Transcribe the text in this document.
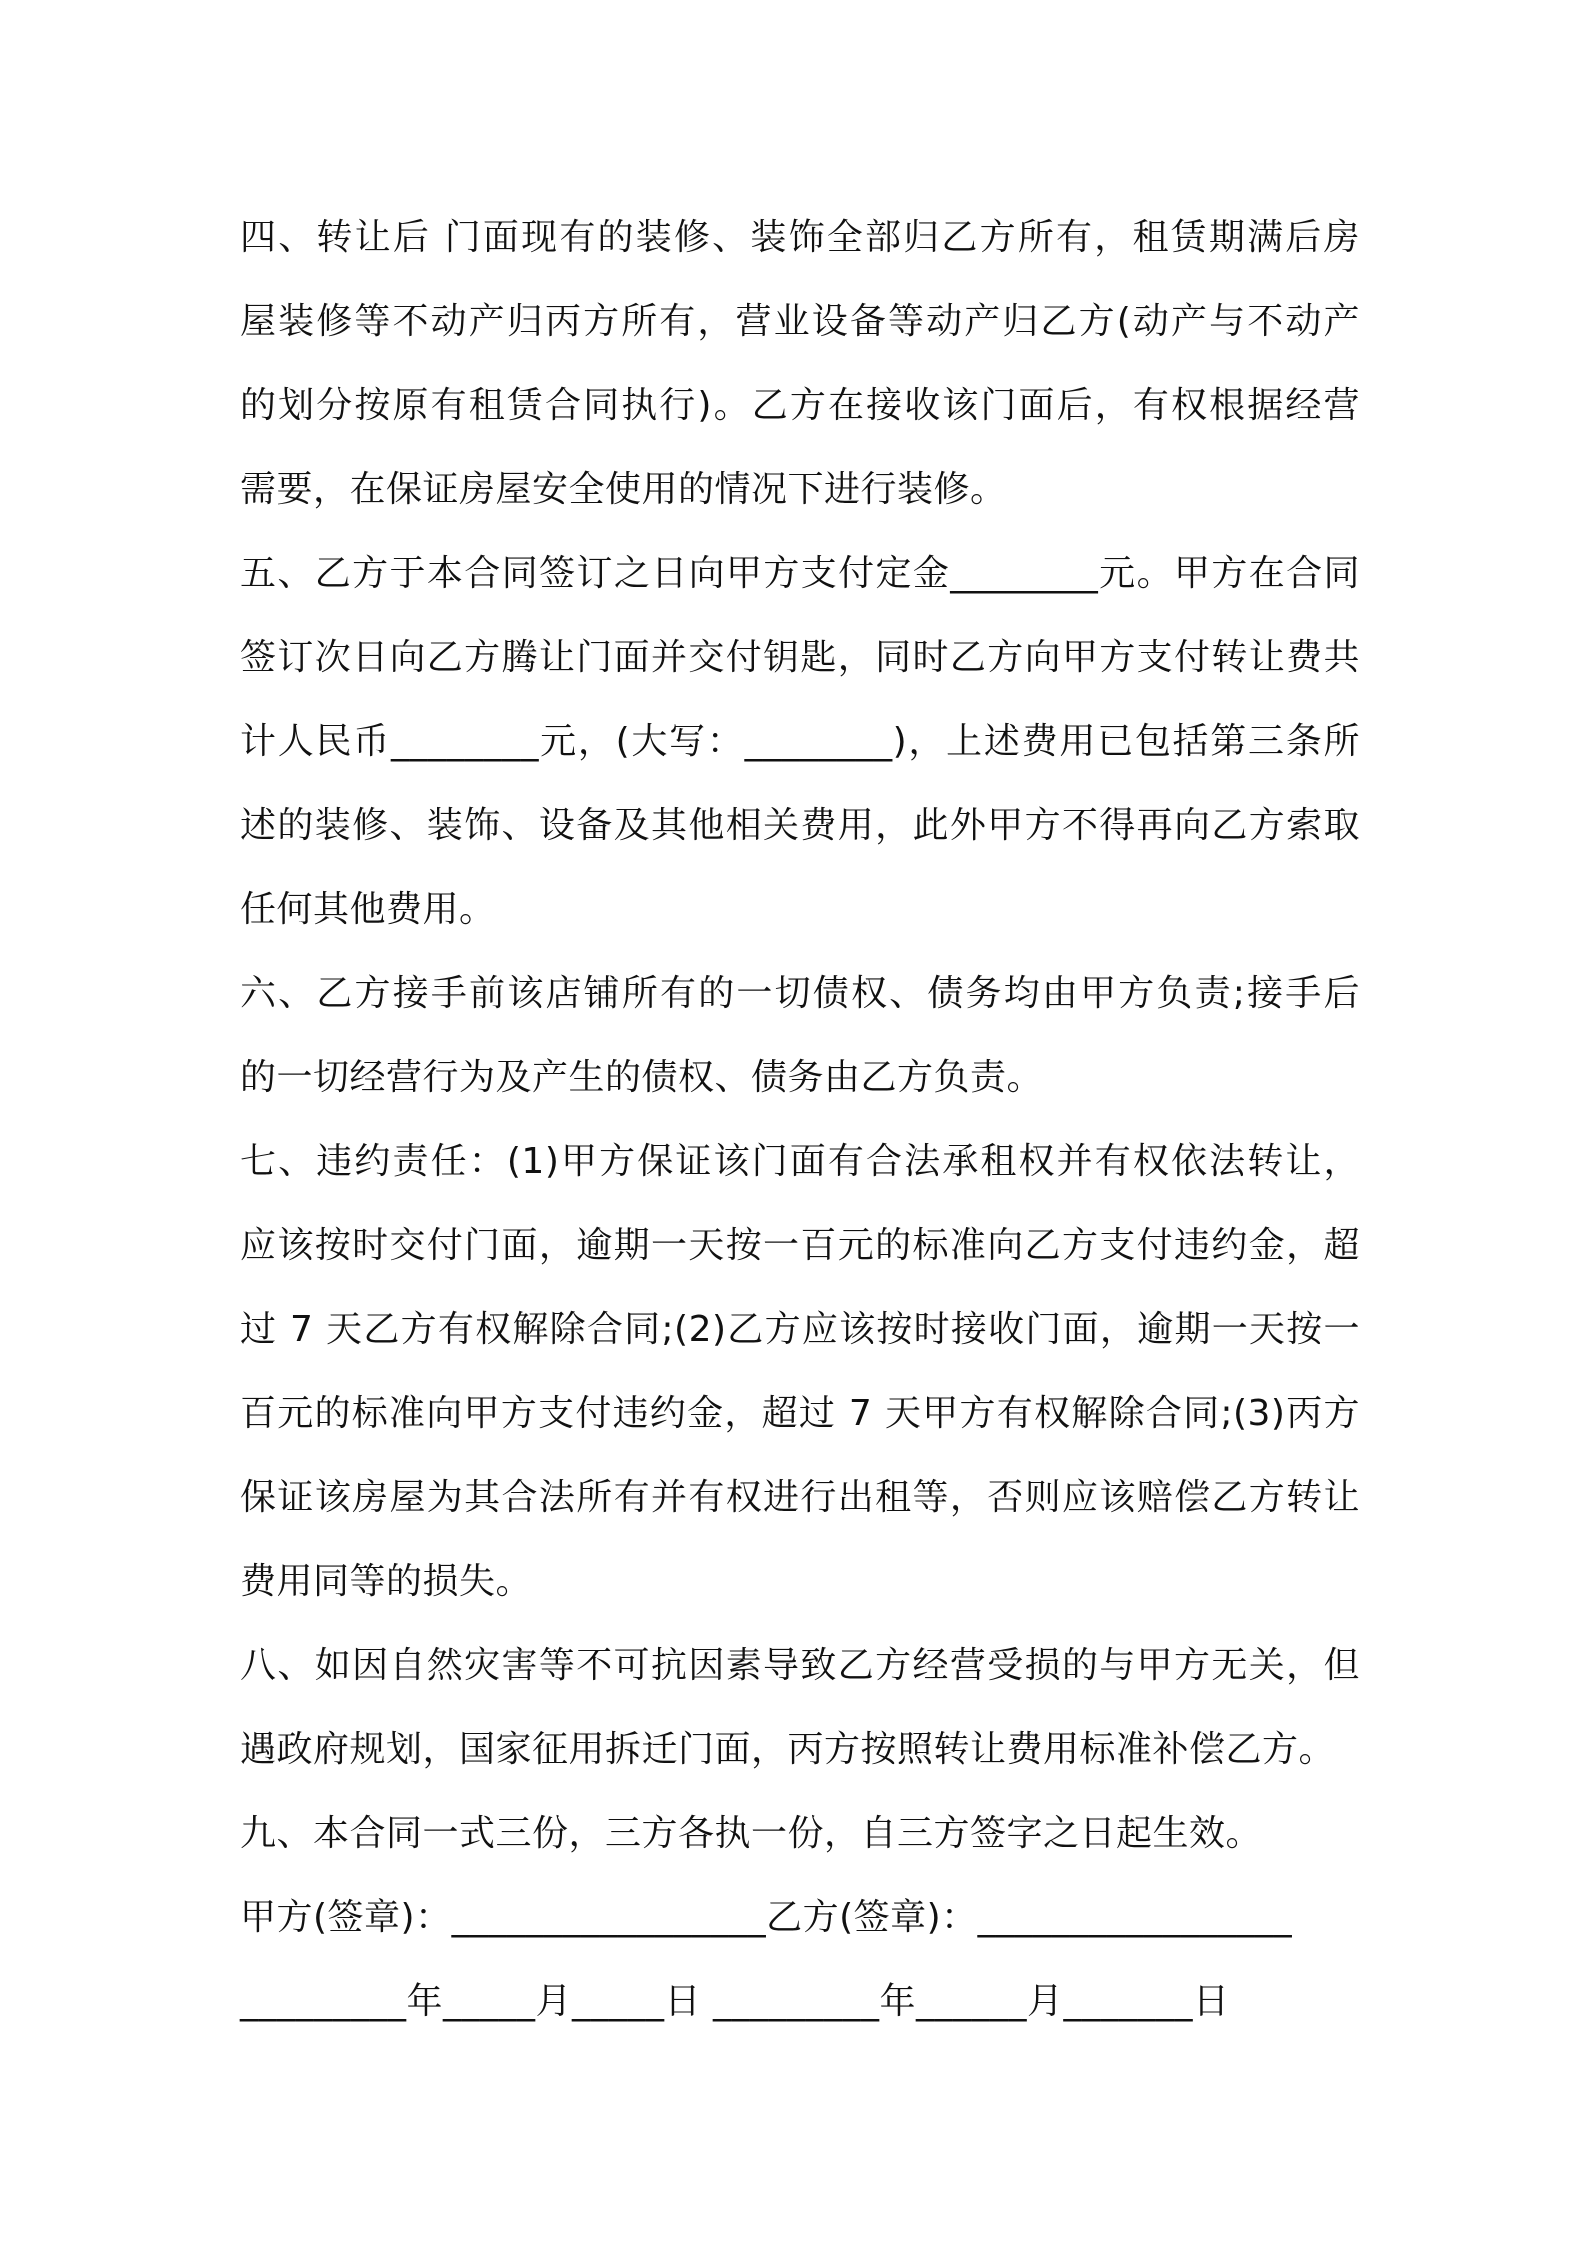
四、转让后 门面现有的装修、装饰全部归乙方所有，租赁期满后房
屋装修等不动产归丙方所有，营业设备等动产归乙方(动产与不动产
的划分按原有租赁合同执行)。乙方在接收该门面后，有权根据经营
需要，在保证房屋安全使用的情况下进行装修。
五、乙方于本合同签订之日向甲方支付定金________元。甲方在合同
签订次日向乙方腾让门面并交付钥匙，同时乙方向甲方支付转让费共
计人民币________元，(大写：________)，上述费用已包括第三条所
述的装修、装饰、设备及其他相关费用，此外甲方不得再向乙方索取
任何其他费用。
六、乙方接手前该店铺所有的一切债权、债务均由甲方负责;接手后
的一切经营行为及产生的债权、债务由乙方负责。
七、违约责任：(1)甲方保证该门面有合法承租权并有权依法转让，
应该按时交付门面，逾期一天按一百元的标准向乙方支付违约金，超
过 7 天乙方有权解除合同;(2)乙方应该按时接收门面，逾期一天按一
百元的标准向甲方支付违约金，超过 7 天甲方有权解除合同;(3)丙方
保证该房屋为其合法所有并有权进行出租等，否则应该赔偿乙方转让
费用同等的损失。
八、如因自然灾害等不可抗因素导致乙方经营受损的与甲方无关，但
遇政府规划，国家征用拆迁门面，丙方按照转让费用标准补偿乙方。
九、本合同一式三份，三方各执一份，自三方签字之日起生效。
甲方(签章)：_________________乙方(签章)：_________________
_________年_____月_____日 _________年______月_______日
